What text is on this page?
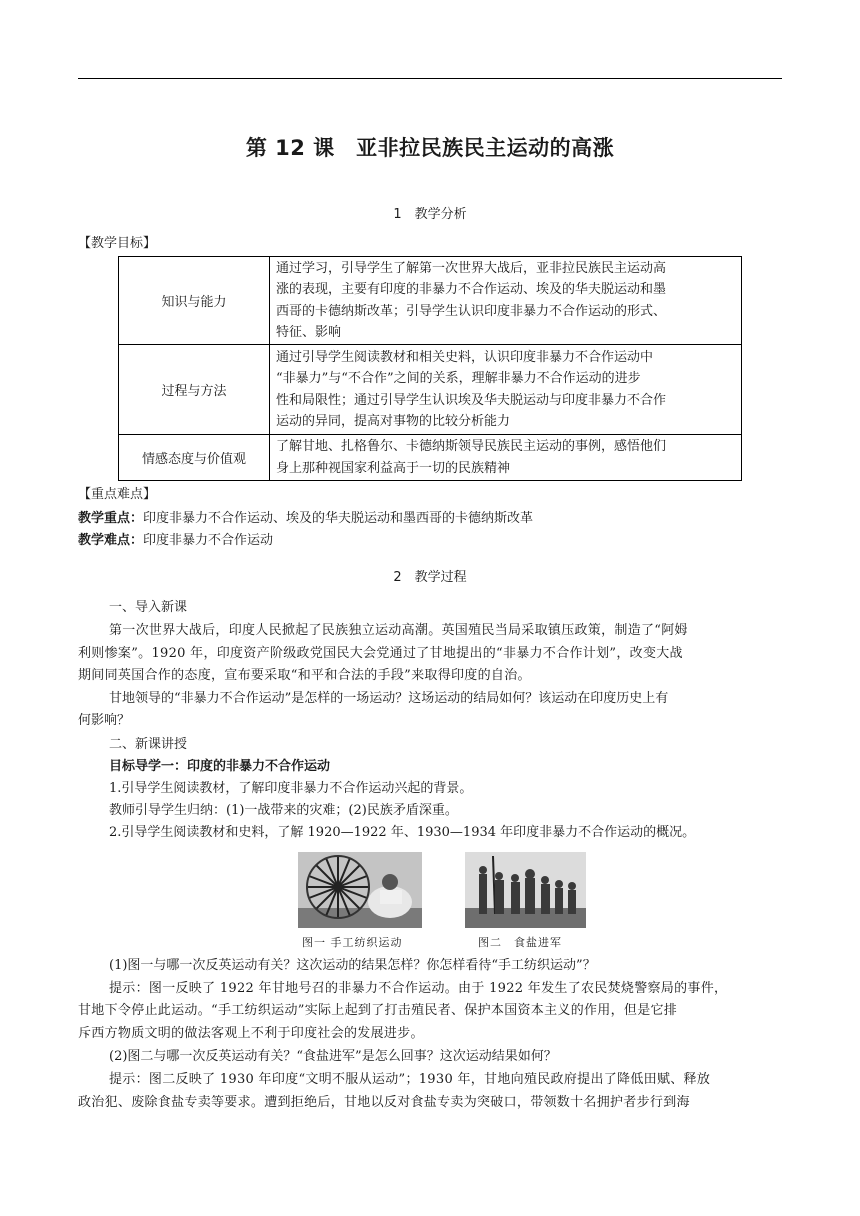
第 12 课　亚非拉民族民主运动的高涨
1　教学分析
【教学目标】
知识与能力	通过学习，引导学生了解第一次世界大战后，亚非拉民族民主运动高
涨的表现，主要有印度的非暴力不合作运动、埃及的华夫脱运动和墨
西哥的卡德纳斯改革；引导学生认识印度非暴力不合作运动的形式、
特征、影响

过程与方法	通过引导学生阅读教材和相关史料，认识印度非暴力不合作运动中
“非暴力”与“不合作”之间的关系，理解非暴力不合作运动的进步
性和局限性；通过引导学生认识埃及华夫脱运动与印度非暴力不合作
运动的异同，提高对事物的比较分析能力

情感态度与价值观	了解甘地、扎格鲁尔、卡德纳斯领导民族民主运动的事例，感悟他们
身上那种视国家利益高于一切的民族精神
【重点难点】
教学重点：印度非暴力不合作运动、埃及的华夫脱运动和墨西哥的卡德纳斯改革
教学难点：印度非暴力不合作运动
2　教学过程
一、导入新课
第一次世界大战后，印度人民掀起了民族独立运动高潮。英国殖民当局采取镇压政策，制造了“阿姆
利则惨案”。1920 年，印度资产阶级政党国民大会党通过了甘地提出的“非暴力不合作计划”，改变大战
期间同英国合作的态度，宣布要采取“和平和合法的手段”来取得印度的自治。
甘地领导的“非暴力不合作运动”是怎样的一场运动？这场运动的结局如何？该运动在印度历史上有
何影响？
二、新课讲授
目标导学一：印度的非暴力不合作运动
1.引导学生阅读教材，了解印度非暴力不合作运动兴起的背景。
教师引导学生归纳：(1)一战带来的灾难；(2)民族矛盾深重。
2.引导学生阅读教材和史料，了解 1920—1922 年、1930—1934 年印度非暴力不合作运动的概况。
图一 手工纺织运动	图二　食盐进军
(1)图一与哪一次反英运动有关？这次运动的结果怎样？你怎样看待“手工纺织运动”？
提示：图一反映了 1922 年甘地号召的非暴力不合作运动。由于 1922 年发生了农民焚烧警察局的事件，
甘地下令停止此运动。“手工纺织运动”实际上起到了打击殖民者、保护本国资本主义的作用，但是它排
斥西方物质文明的做法客观上不利于印度社会的发展进步。
(2)图二与哪一次反英运动有关？“食盐进军”是怎么回事？这次运动结果如何？
提示：图二反映了 1930 年印度“文明不服从运动”；1930 年，甘地向殖民政府提出了降低田赋、释放
政治犯、废除食盐专卖等要求。遭到拒绝后，甘地以反对食盐专卖为突破口，带领数十名拥护者步行到海
